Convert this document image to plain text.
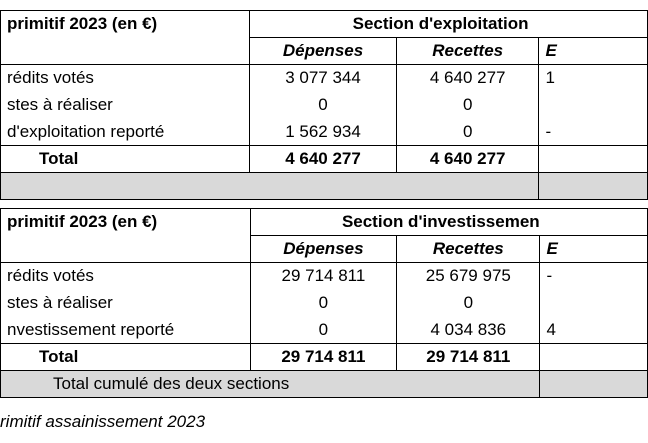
primitif 2023 (en €)	Section d'exploitation		
	Dépenses	Recettes	E
rédits votés	3 077 344	4 640 277	1
stes à réaliser	0	0	
d'exploitation reporté	1 562 934	0	-
Total	4 640 277	4 640 277	

primitif 2023 (en €)	Section d'investissemen		
	Dépenses	Recettes	E
rédits votés	29 714 811	25 679 975	-
stes à réaliser	0	0	
nvestissement reporté	0	4 034 836	4
Total	29 714 811	29 714 811	
Total cumulé des deux sections			
rimitif assainissement 2023
